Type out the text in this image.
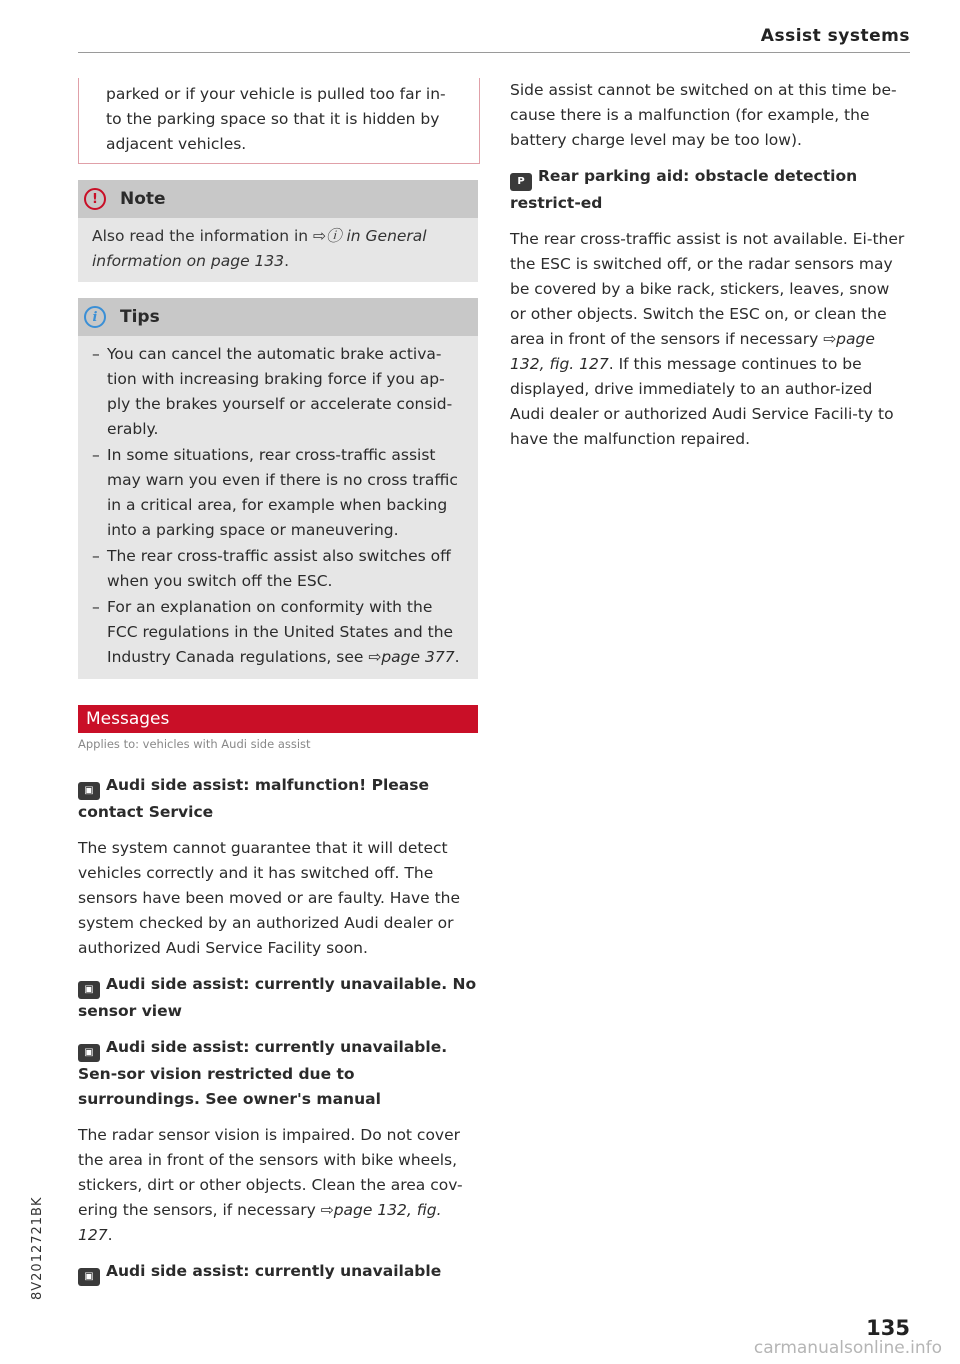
Assist systems

parked or if your vehicle is pulled too far in-to the parking space so that it is hidden by adjacent vehicles.

!	Note

Also read the information in ⇨ⓘ in General information on page 133.

i	Tips
– You can cancel the automatic brake activa-tion with increasing braking force if you ap-ply the brakes yourself or accelerate consid-erably.
– In some situations, rear cross-traffic assist may warn you even if there is no cross traffic in a critical area, for example when backing into a parking space or maneuvering.
– The rear cross-traffic assist also switches off when you switch off the ESC.
– For an explanation on conformity with the FCC regulations in the United States and the Industry Canada regulations, see ⇨page 377.
Messages
Applies to: vehicles with Audi side assist

▣ Audi side assist: malfunction! Please contact Service

The system cannot guarantee that it will detect vehicles correctly and it has switched off. The sensors have been moved or are faulty. Have the system checked by an authorized Audi dealer or authorized Audi Service Facility soon.

▣ Audi side assist: currently unavailable. No sensor view

▣ Audi side assist: currently unavailable. Sen-sor vision restricted due to surroundings. See owner's manual

The radar sensor vision is impaired. Do not cover the area in front of the sensors with bike wheels, stickers, dirt or other objects. Clean the area cov-ering the sensors, if necessary ⇨page 132, fig. 127.

▣ Audi side assist: currently unavailable

Side assist cannot be switched on at this time be-cause there is a malfunction (for example, the battery charge level may be too low).

P Rear parking aid: obstacle detection restrict-ed

The rear cross-traffic assist is not available. Ei-ther the ESC is switched off, or the radar sensors may be covered by a bike rack, stickers, leaves, snow or other objects. Switch the ESC on, or clean the area in front of the sensors if necessary ⇨page 132, fig. 127. If this message continues to be displayed, drive immediately to an author-ized Audi dealer or authorized Audi Service Facili-ty to have the malfunction repaired.

8V2012721BK
135
carmanualsonline.info
